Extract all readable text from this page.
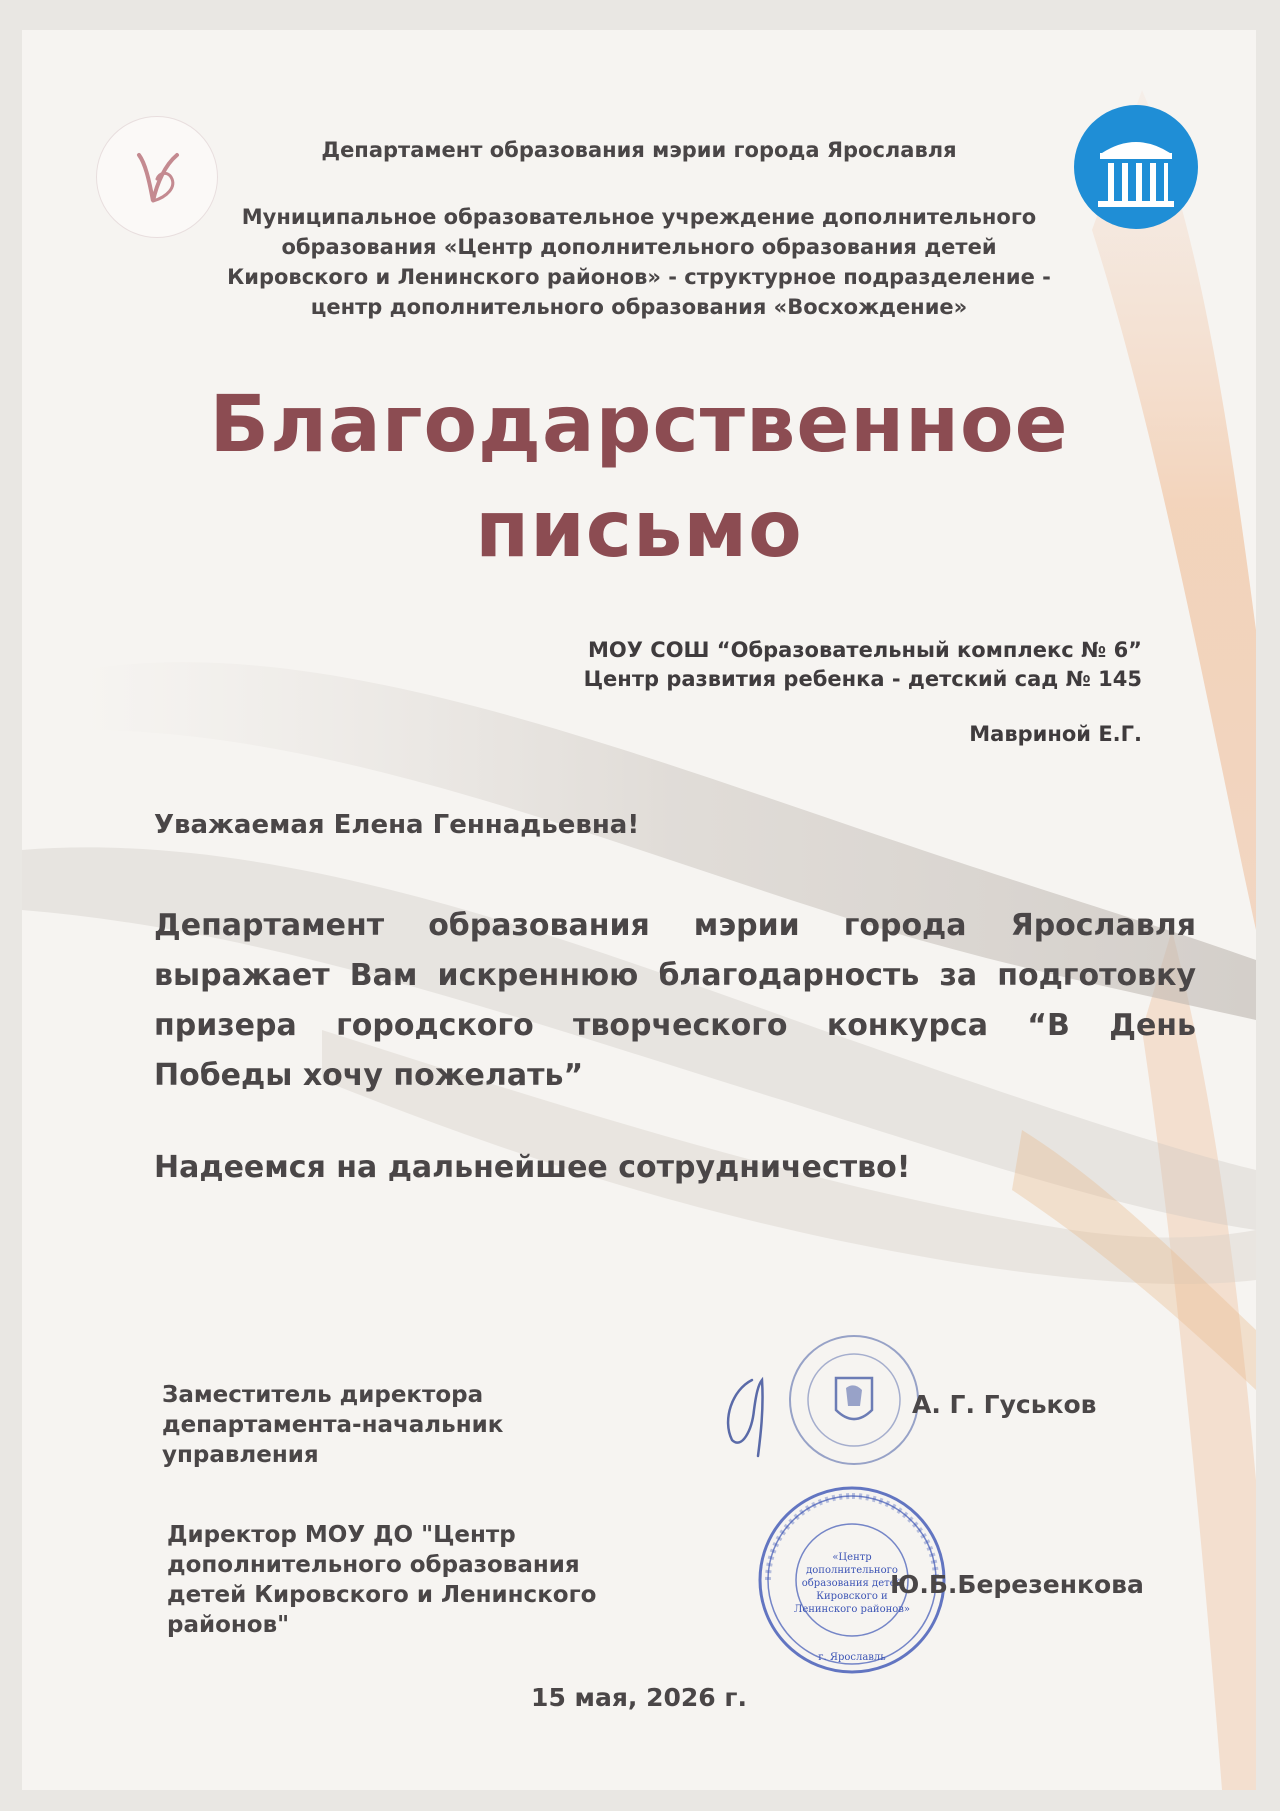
Департамент образования мэрии города Ярославля
Муниципальное образовательное учреждение дополнительного
образования «Центр дополнительного образования детей
Кировского и Ленинского районов» - структурное подразделение -
центр дополнительного образования «Восхождение»
Благодарственное
письмо
МОУ СОШ “Образовательный комплекс № 6”
Центр развития ребенка - детский сад № 145
Мавриной Е.Г.
Уважаемая Елена Геннадьевна!
Департамент образования мэрии города Ярославля выражает Вам искреннюю благодарность за подготовку призера городского творческого конкурса “В День Победы хочу пожелать”
Надеемся на дальнейшее сотрудничество!
Заместитель директора
департамента-начальник
управления
А. Г. Гуськов
Директор МОУ ДО "Центр
дополнительного образования
детей Кировского и Ленинского
районов"
«Центр
дополнительного
образования детей
Кировского и
Ленинского районов»
г. Ярославль
Ю.Б.Березенкова
15 мая, 2026 г.
